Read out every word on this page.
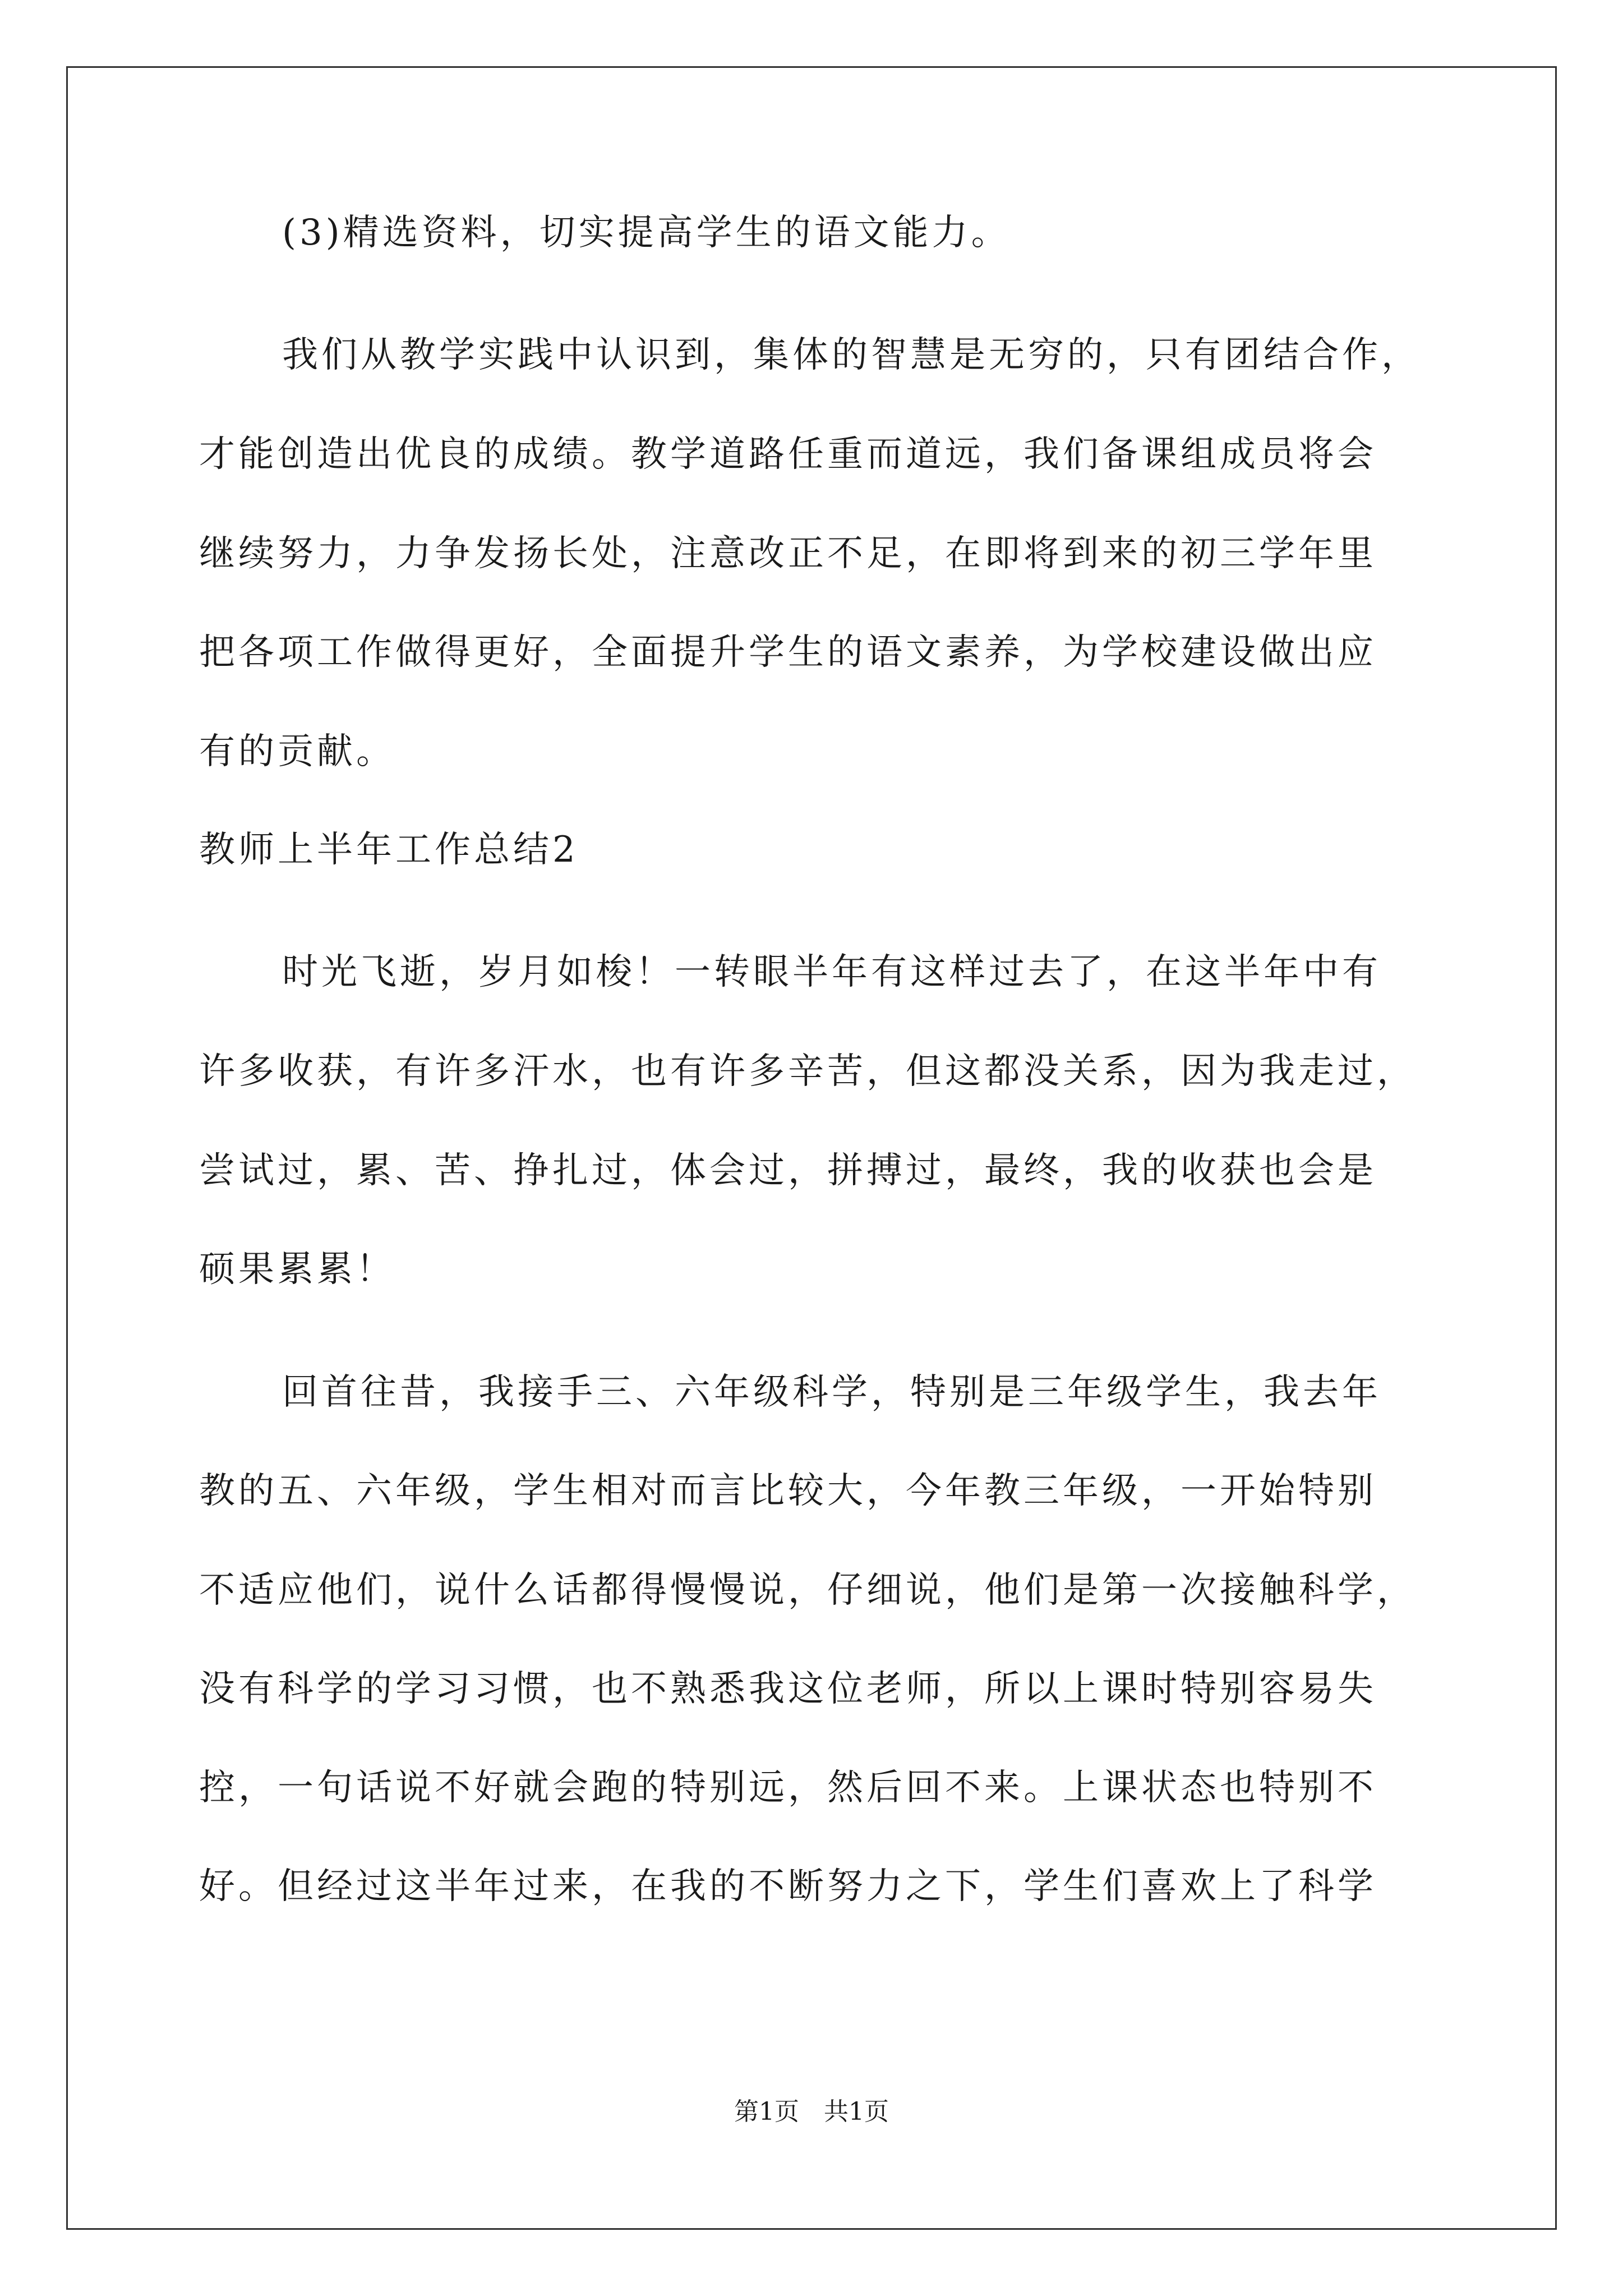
(3)精选资料，切实提高学生的语文能力。
我们从教学实践中认识到，集体的智慧是无穷的，只有团结合作，
才能创造出优良的成绩。教学道路任重而道远，我们备课组成员将会
继续努力，力争发扬长处，注意改正不足，在即将到来的初三学年里
把各项工作做得更好，全面提升学生的语文素养，为学校建设做出应
有的贡献。
教师上半年工作总结2
时光飞逝，岁月如梭！一转眼半年有这样过去了，在这半年中有
许多收获，有许多汗水，也有许多辛苦，但这都没关系，因为我走过，
尝试过，累、苦、挣扎过，体会过，拼搏过，最终，我的收获也会是
硕果累累！
回首往昔，我接手三、六年级科学，特别是三年级学生，我去年
教的五、六年级，学生相对而言比较大，今年教三年级，一开始特别
不适应他们，说什么话都得慢慢说，仔细说，他们是第一次接触科学，
没有科学的学习习惯，也不熟悉我这位老师，所以上课时特别容易失
控，一句话说不好就会跑的特别远，然后回不来。上课状态也特别不
好。但经过这半年过来，在我的不断努力之下，学生们喜欢上了科学
第1页 共1页
